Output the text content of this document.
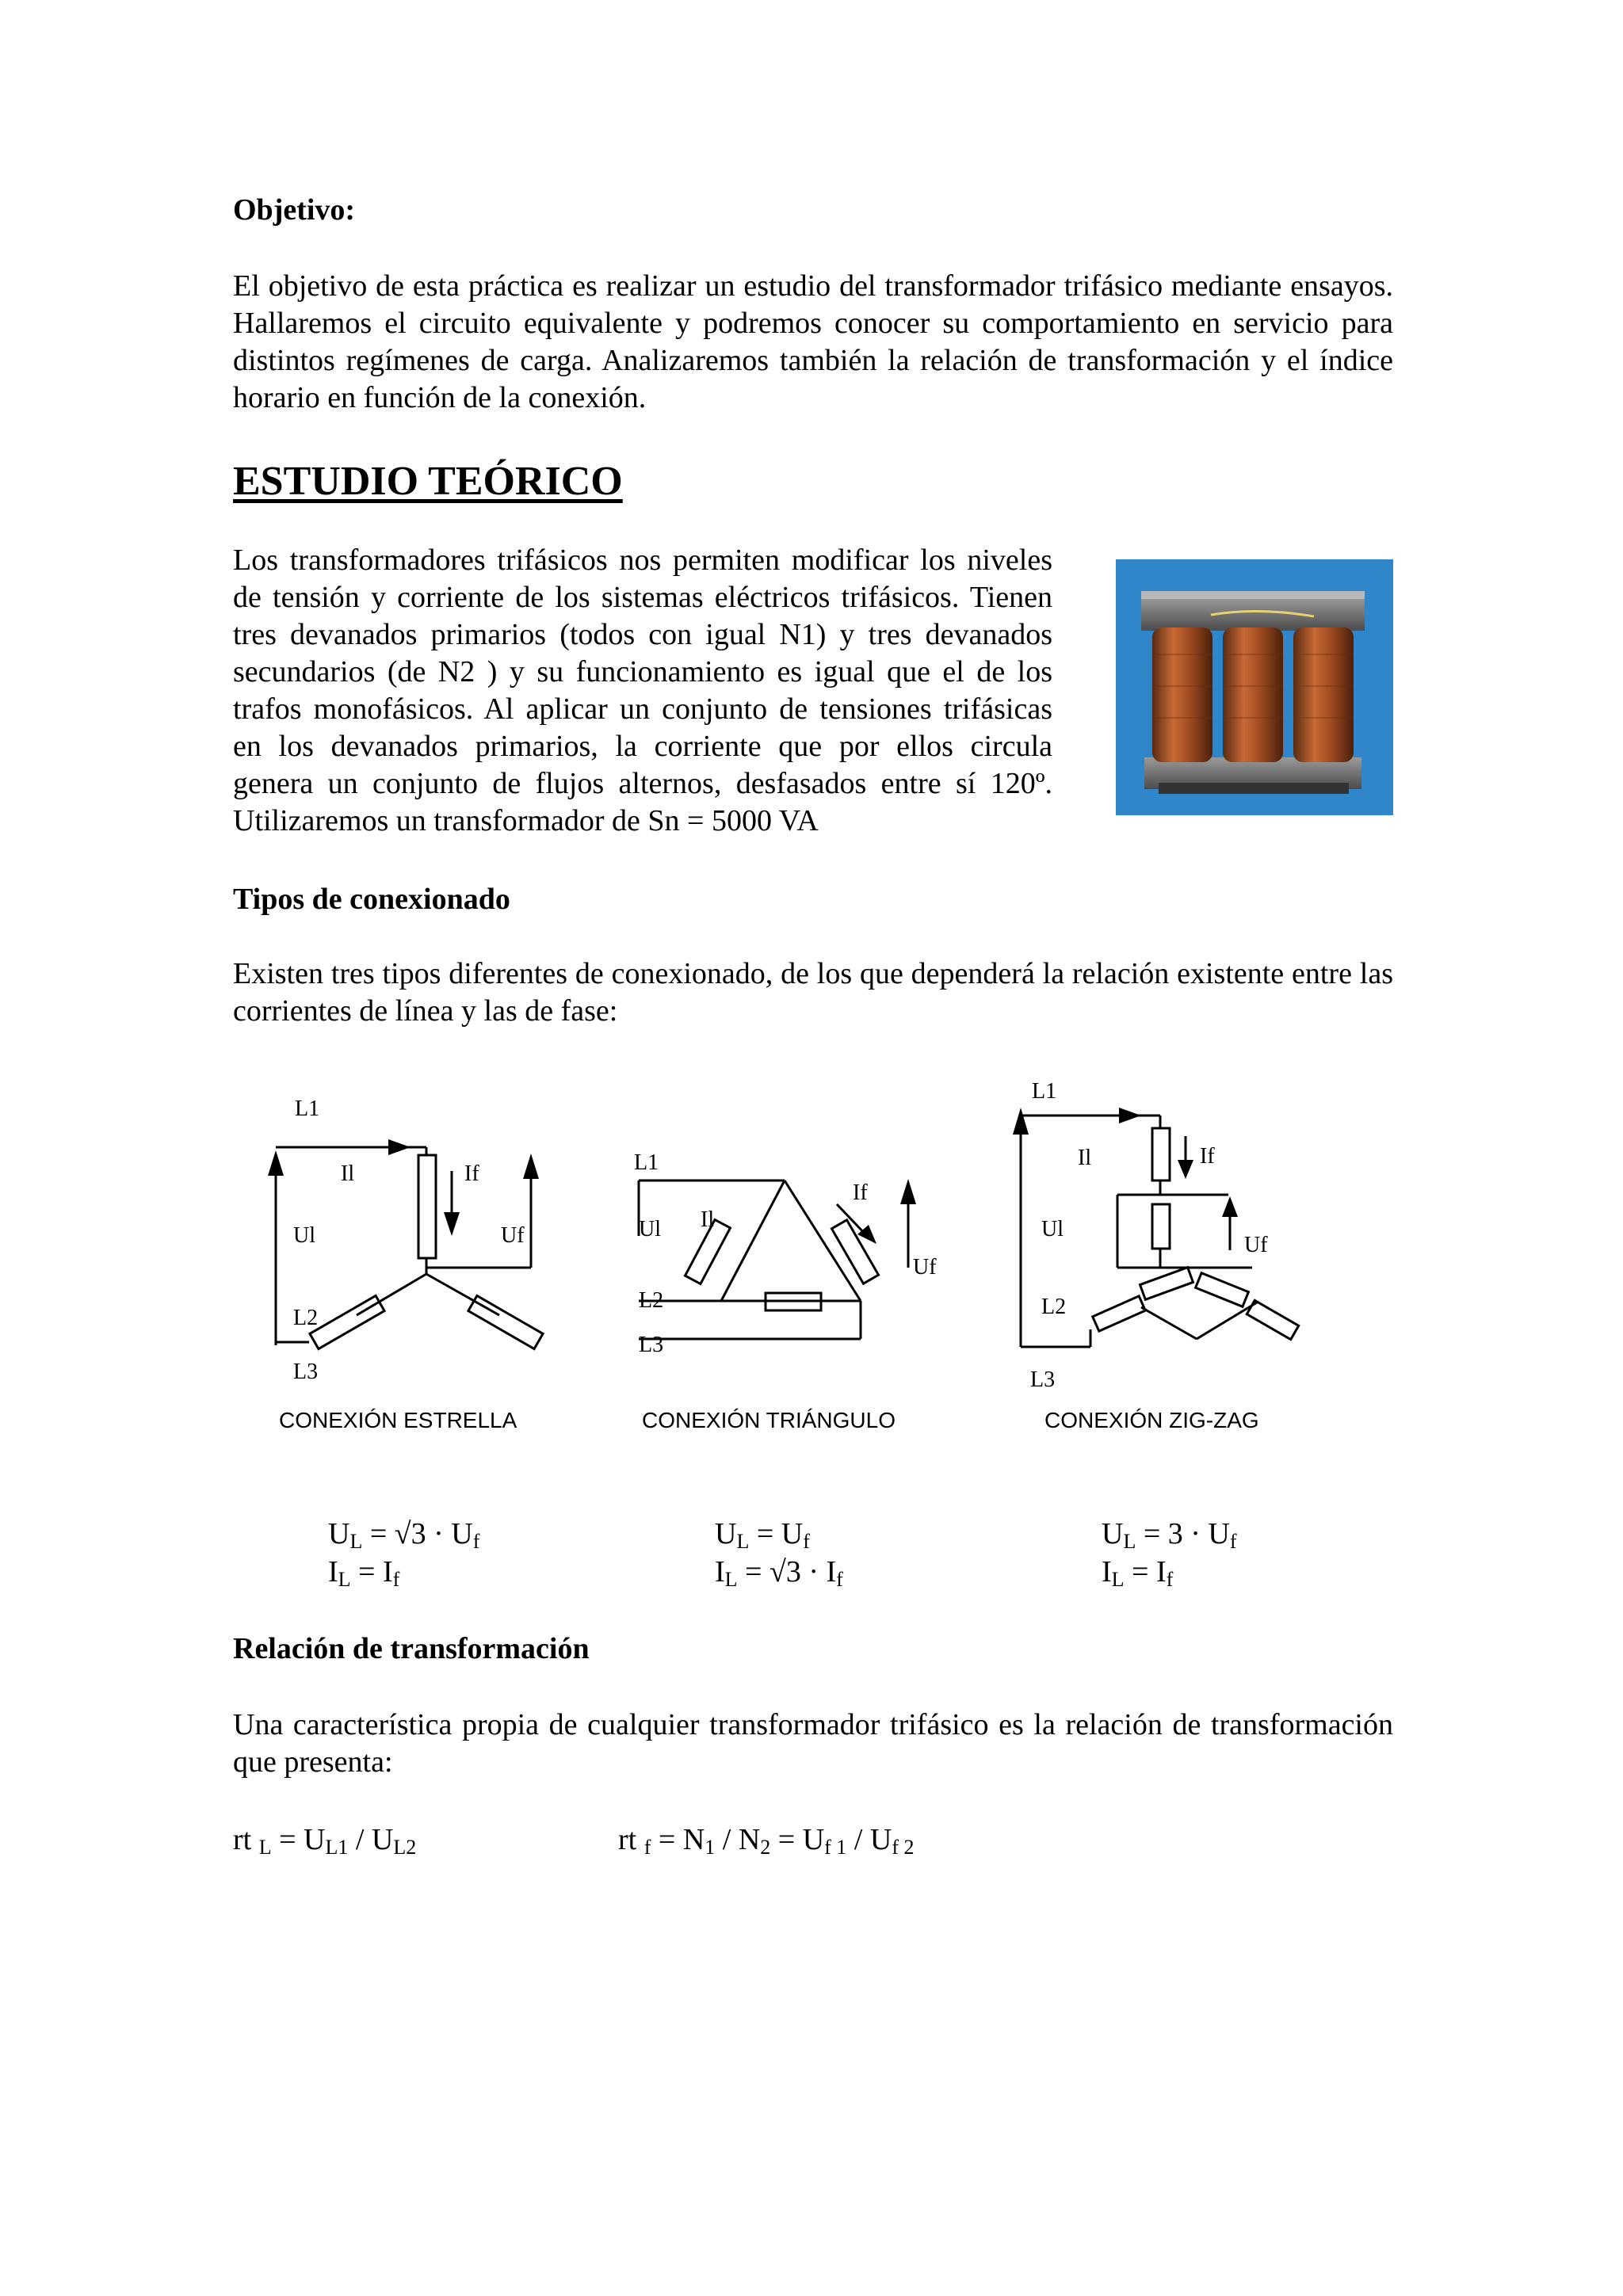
Objetivo:
El objetivo de esta práctica es realizar un estudio del transformador trifásico mediante ensayos. Hallaremos el circuito equivalente y podremos conocer su comportamiento en servicio para distintos regímenes de carga. Analizaremos también la relación de transformación y el índice horario en función de la conexión.
ESTUDIO TEÓRICO
Los transformadores trifásicos nos permiten modificar los niveles de tensión y corriente de los sistemas eléctricos trifásicos. Tienen tres devanados primarios (todos con igual N1) y tres devanados secundarios (de N2 ) y su funcionamiento es igual que el de los trafos monofásicos. Al aplicar un conjunto de tensiones trifásicas en los devanados primarios, la corriente que por ellos circula genera un conjunto de flujos alternos, desfasados entre sí 120º. Utilizaremos un transformador de Sn = 5000 VA
Tipos de conexionado
Existen tres tipos diferentes de conexionado, de los que dependerá la relación existente entre las corrientes de línea y las de fase:
L1
Il	If
Ul	Uf
L2
L3
L1
Ul Il
If
Uf
L2
L3
L1
Il	If
Ul
Uf
L2
L3
CONEXIÓN ESTRELLA	CONEXIÓN TRIÁNGULO	CONEXIÓN ZIG-ZAG
$U_L = √3 \cdot U_f$
$I_L = I_f$
$U_L = U_f$
$I_L = √3 \cdot I_f$
$U_L = 3 \cdot U_f$
$I_L = I_f$
Relación de transformación
Una característica propia de cualquier transformador trifásico es la relación de transformación que presenta:
rt $_L = U_{L1} / U_{L2}$	rt $_f = N_1 / N_2 = U_{f 1} / U_{f 2}$
